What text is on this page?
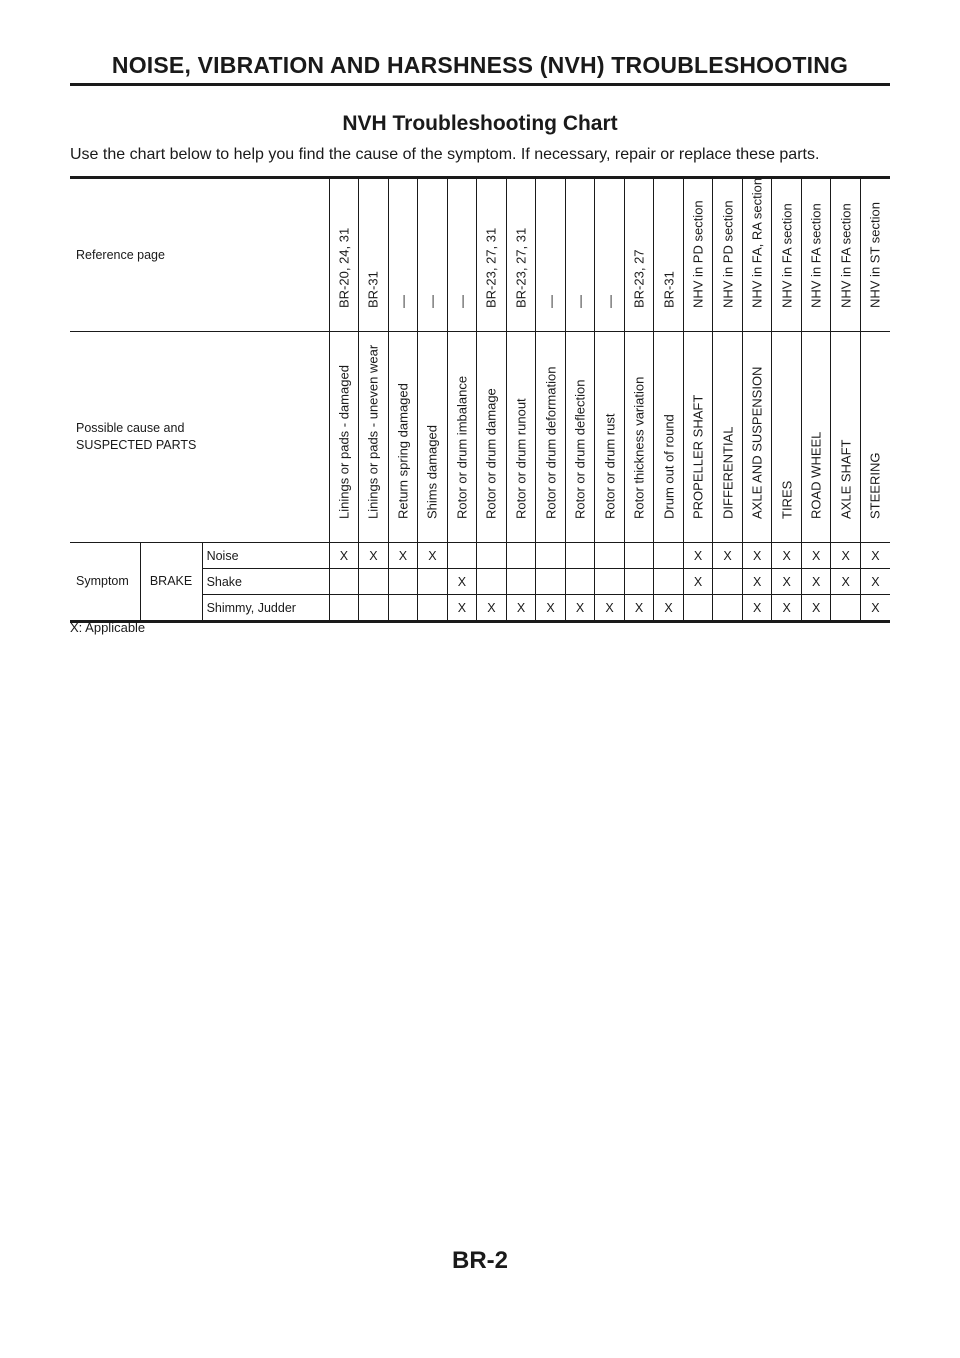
NOISE, VIBRATION AND HARSHNESS (NVH) TROUBLESHOOTING
NVH Troubleshooting Chart
Use the chart below to help you find the cause of the symptom. If necessary, repair or replace these parts.
Reference page			BR-20, 24, 31	BR-31	—	—	—	BR-23, 27, 31	BR-23, 27, 31	—	—	—	BR-23, 27	BR-31	NHV in PD section	NHV in PD section	NHV in FA, RA section	NHV in FA section	NHV in FA section	NHV in FA section	NHV in ST section

Possible cause and
SUSPECTED PARTS			Linings or pads - damaged	Linings or pads - uneven wear	Return spring damaged	Shims damaged	Rotor or drum imbalance	Rotor or drum damage	Rotor or drum runout	Rotor or drum deformation	Rotor or drum deflection	Rotor or drum rust	Rotor thickness variation	Drum out of round	PROPELLER SHAFT	DIFFERENTIAL	AXLE AND SUSPENSION	TIRES	ROAD WHEEL	AXLE SHAFT	STEERING

Symptom	BRAKE	Noise	X	X	X	X									X	X	X	X	X	X	X
		Shake					X								X		X	X	X	X	X
		Shimmy, Judder					X	X	X	X	X	X	X	X			X	X	X		X
X: Applicable
BR-2
